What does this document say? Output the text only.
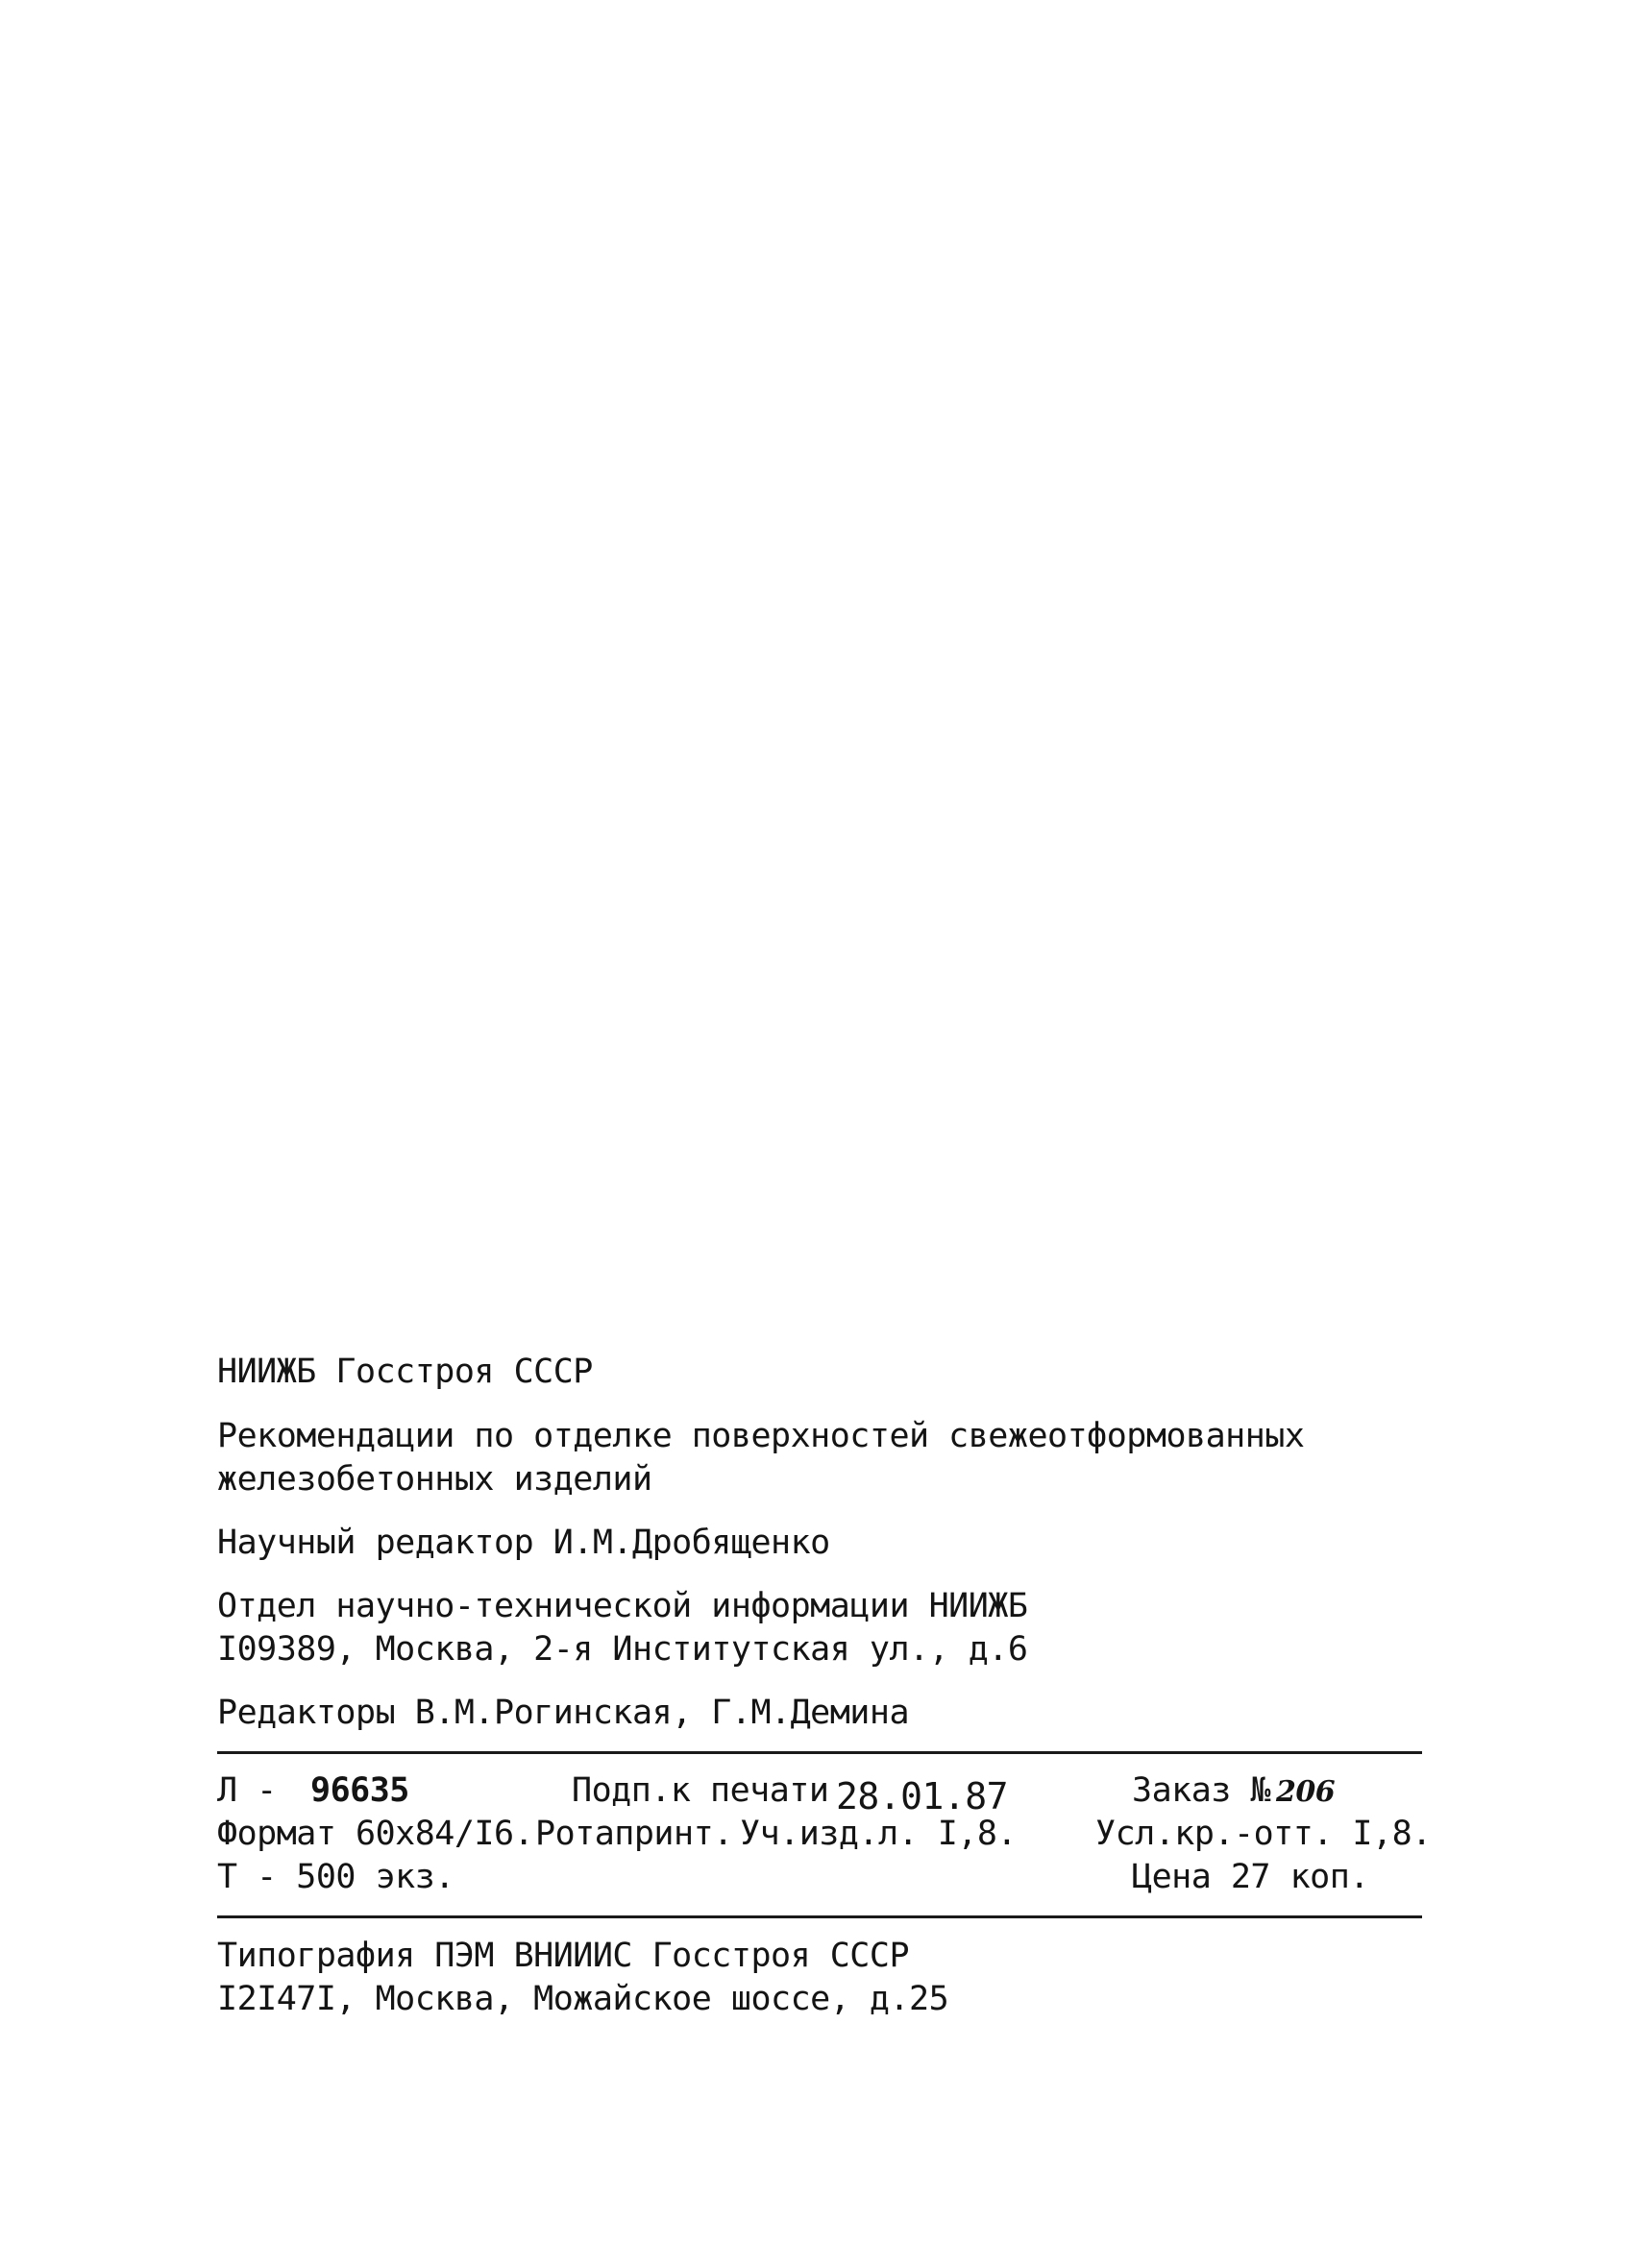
НИИЖБ Госстроя СССР
Рекомендации по отделке поверхностей свежеотформованных
железобетонных изделий
Научный редактор И.М.Дробященко
Отдел научно-технической информации НИИЖБ
I09389, Москва, 2-я Институтская ул., д.6
Редакторы В.М.Рогинская, Г.М.Демина
Л - 96635	Подп.к печати 28.01.87	Заказ № 206
Формат 60х84/I6. Ротапринт. Уч.изд.л. I,8. Усл.кр.-отт. I,8.
Т - 500 экз.	Цена 27 коп.
Типография ПЭМ ВНИИИС Госстроя СССР
I2I47I, Москва, Можайское шоссе, д.25
